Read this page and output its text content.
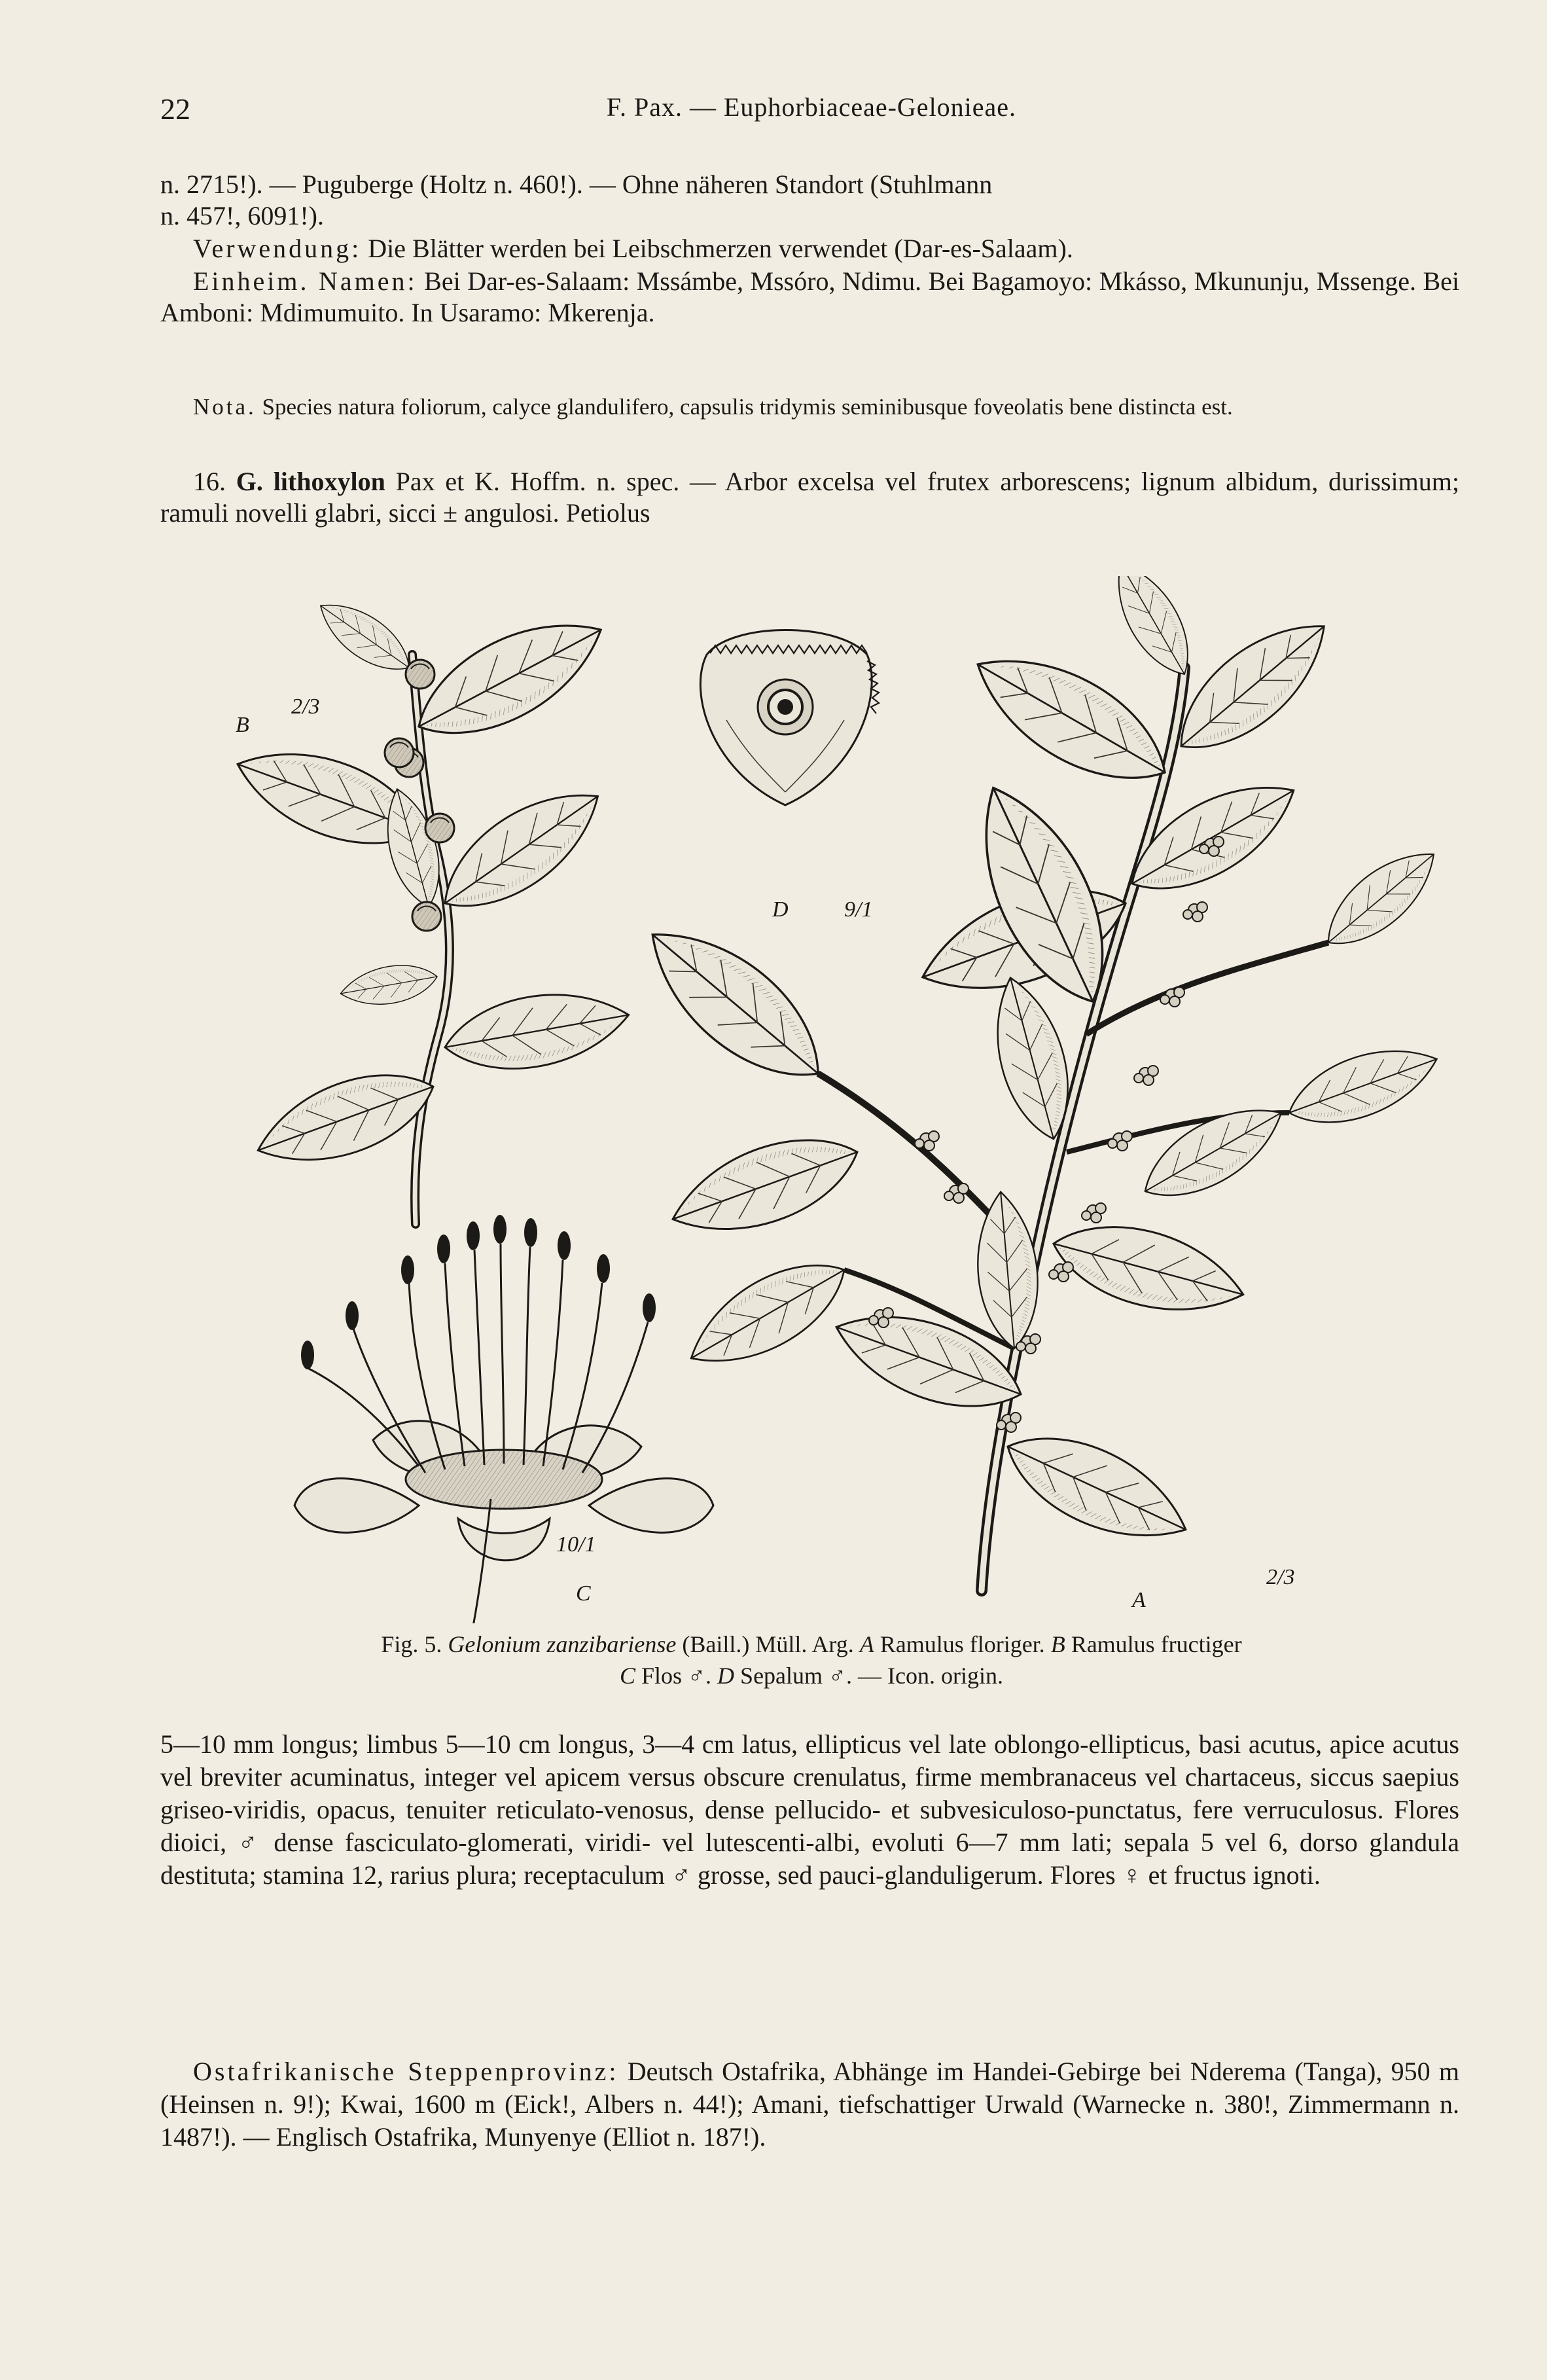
22	F. Pax. — Euphorbiaceae-Gelonieae.

n. 2715!). — Puguberge (Holtz n. 460!). — Ohne näheren Standort (Stuhlmann

n. 457!, 6091!).

Verwendung: Die Blätter werden bei Leibschmerzen verwendet (Dar-es-Salaam).

Einheim. Namen: Bei Dar-es-Salaam: Mssámbe, Mssóro, Ndimu. Bei Bagamoyo: Mkásso, Mkununju, Mssenge. Bei Amboni: Mdimumuito. In Usaramo: Mkerenja.

Nota. Species natura foliorum, calyce glandulifero, capsulis tridymis seminibusque foveolatis bene distincta est.

16. G. lithoxylon Pax et K. Hoffm. n. spec. — Arbor excelsa vel frutex arborescens; lignum albidum, durissimum; ramuli novelli glabri, sicci ± angulosi. Petiolus

B
2/3
D	9/1
C
10/1
A
2/3

Fig. 5. Gelonium zanzibariense (Baill.) Müll. Arg. A Ramulus floriger. B Ramulus fructiger
C Flos ♂. D Sepalum ♂. — Icon. origin.

5—10 mm longus; limbus 5—10 cm longus, 3—4 cm latus, ellipticus vel late oblongo-ellipticus, basi acutus, apice acutus vel breviter acuminatus, integer vel apicem versus obscure crenulatus, firme membranaceus vel chartaceus, siccus saepius griseo-viridis, opacus, tenuiter reticulato-venosus, dense pellucido- et subvesiculoso-punctatus, fere verruculosus. Flores dioici, ♂ dense fasciculato-glomerati, viridi- vel lutescenti-albi, evoluti 6—7 mm lati; sepala 5 vel 6, dorso glandula destituta; stamina 12, rarius plura; receptaculum ♂ grosse, sed pauci-glanduligerum. Flores ♀ et fructus ignoti.

Ostafrikanische Steppenprovinz: Deutsch Ostafrika, Abhänge im Handei-Gebirge bei Nderema (Tanga), 950 m (Heinsen n. 9!); Kwai, 1600 m (Eick!, Albers n. 44!); Amani, tiefschattiger Urwald (Warnecke n. 380!, Zimmermann n. 1487!). — Englisch Ostafrika, Munyenye (Elliot n. 187!).
